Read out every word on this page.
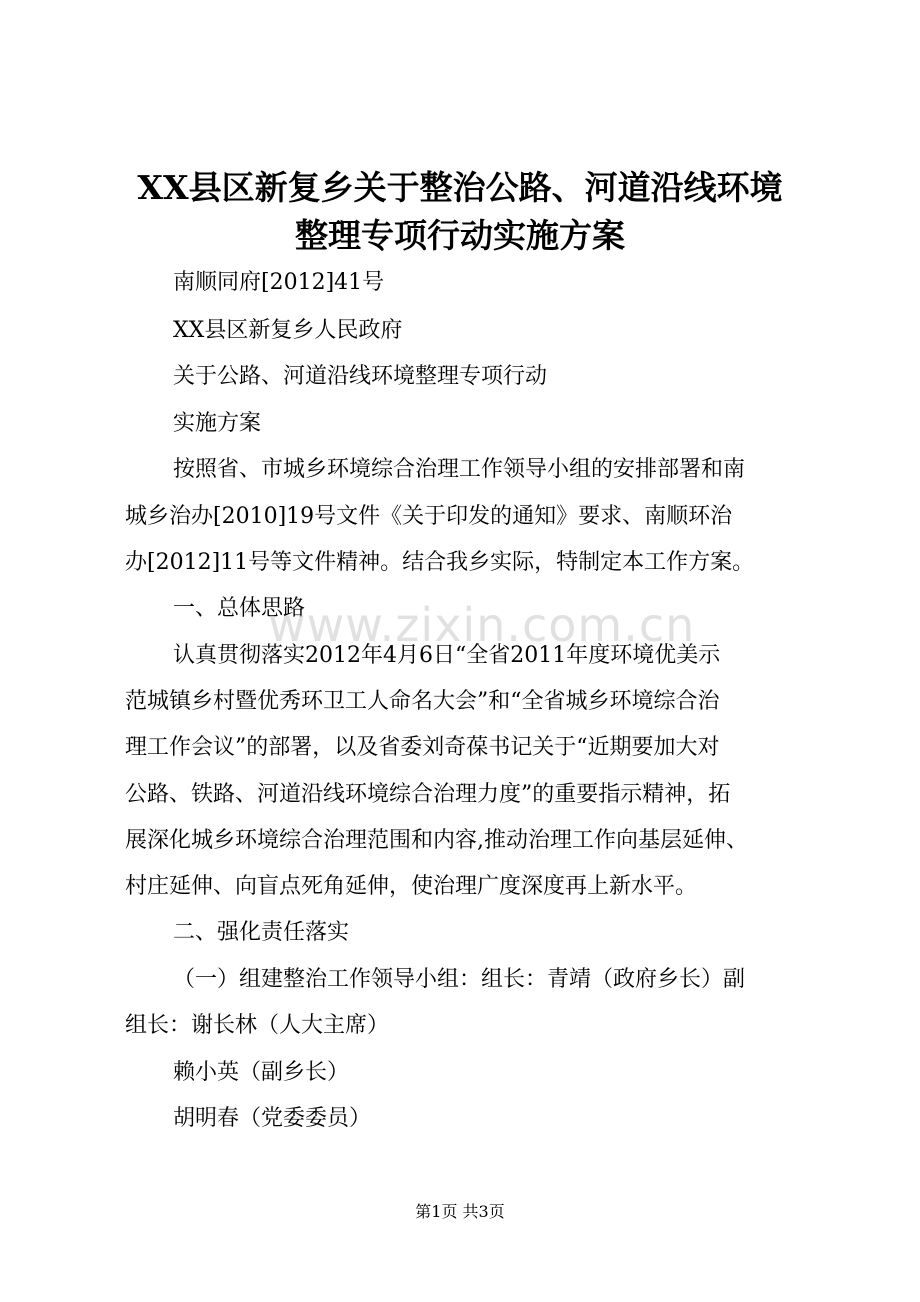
XX县区新复乡关于整治公路、河道沿线环境
整理专项行动实施方案
南顺同府[2012]41号
XX县区新复乡人民政府
关于公路、河道沿线环境整理专项行动
实施方案
按照省、市城乡环境综合治理工作领导小组的安排部署和南
城乡治办[2010]19号文件《关于印发的通知》要求、南顺环治
办[2012]11号等文件精神。结合我乡实际，特制定本工作方案。
一、总体思路
认真贯彻落实2012年4月6日“全省2011年度环境优美示
范城镇乡村暨优秀环卫工人命名大会”和“全省城乡环境综合治
理工作会议”的部署，以及省委刘奇葆书记关于“近期要加大对
公路、铁路、河道沿线环境综合治理力度”的重要指示精神，拓
展深化城乡环境综合治理范围和内容,推动治理工作向基层延伸、
村庄延伸、向盲点死角延伸，使治理广度深度再上新水平。
二、强化责任落实
（一）组建整治工作领导小组：组长：青靖（政府乡长）副
组长：谢长林（人大主席）
赖小英（副乡长）
胡明春（党委委员）
www.zixin.com.cn
第1页 共3页
